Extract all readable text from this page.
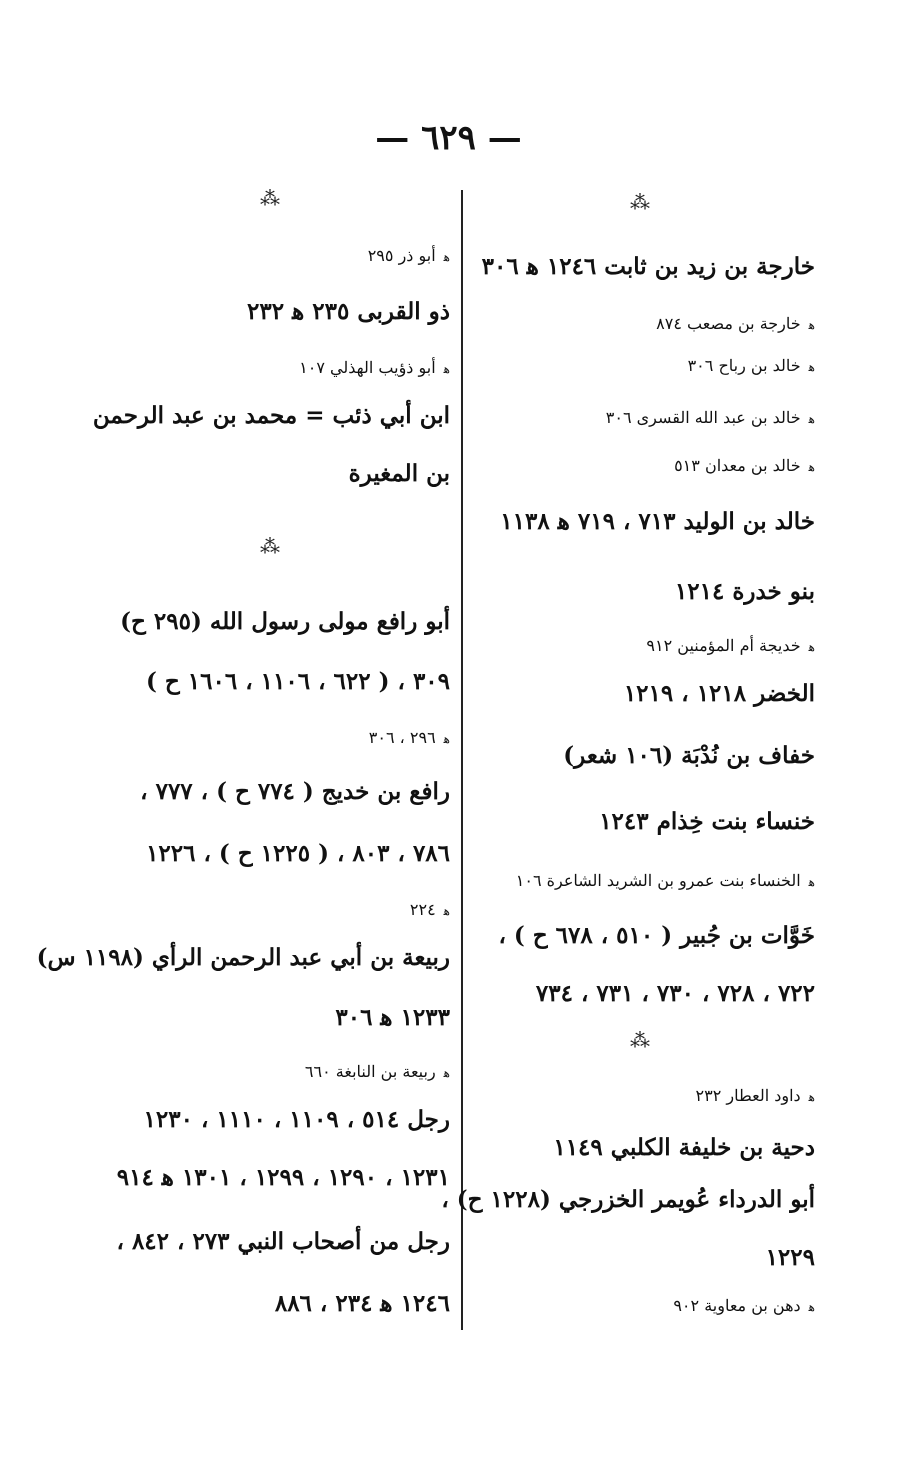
— ٦٢٩ —
⁂
خارجة بن زيد بن ثابت ١٢٤٦ ﻫ ٣٠٦
ﻫخارجة بن مصعب ٨٧٤
ﻫخالد بن رباح ٣٠٦
ﻫخالد بن عبد الله القسرى ٣٠٦
ﻫخالد بن معدان ٥١٣
خالد بن الوليد ٧١٣ ، ٧١٩ ﻫ ١١٣٨
بنو خدرة ١٢١٤
ﻫخديجة أم المؤمنين ٩١٢
الخضر ١٢١٨ ، ١٢١٩
خفاف بن نُدْبَة (١٠٦ شعر)
خنساء بنت خِذام ١٢٤٣
ﻫالخنساء بنت عمرو بن الشريد الشاعرة ١٠٦
خَوَّات بن جُبير ( ٥١٠ ، ٦٧٨ ح ) ،
٧٢٢ ، ٧٢٨ ، ٧٣٠ ، ٧٣١ ، ٧٣٤
⁂
ﻫداود العطار ٢٣٢
دحية بن خليفة الكلبي ١١٤٩
أبو الدرداء عُويمر الخزرجي (١٢٢٨ ح) ،
١٢٢٩
ﻫدهن بن معاوية ٩٠٢
⁂
ﻫأبو ذر ٢٩٥
ذو القربى ٢٣٥ ﻫ ٢٣٢
ﻫأبو ذؤيب الهذلي ١٠٧
ابن أبي ذئب = محمد بن عبد الرحمن
بن المغيرة
⁂
أبو رافع مولى رسول الله (٢٩٥ ح)
٣٠٩ ، ( ٦٢٢ ، ١١٠٦ ، ١٦٠٦ ح )
ﻫ٢٩٦ ، ٣٠٦
رافع بن خديج ( ٧٧٤ ح ) ، ٧٧٧ ،
٧٨٦ ، ٨٠٣ ، ( ١٢٢٥ ح ) ، ١٢٢٦
ﻫ٢٢٤
ربيعة بن أبي عبد الرحمن الرأي (١١٩٨ س)
١٢٣٣ ﻫ ٣٠٦
ﻫربيعة بن النابغة ٦٦٠
رجل ٥١٤ ، ١١٠٩ ، ١١١٠ ، ١٢٣٠
١٢٣١ ، ١٢٩٠ ، ١٢٩٩ ، ١٣٠١ ﻫ ٩١٤
رجل من أصحاب النبي ٢٧٣ ، ٨٤٢ ،
١٢٤٦ ﻫ ٢٣٤ ، ٨٨٦
